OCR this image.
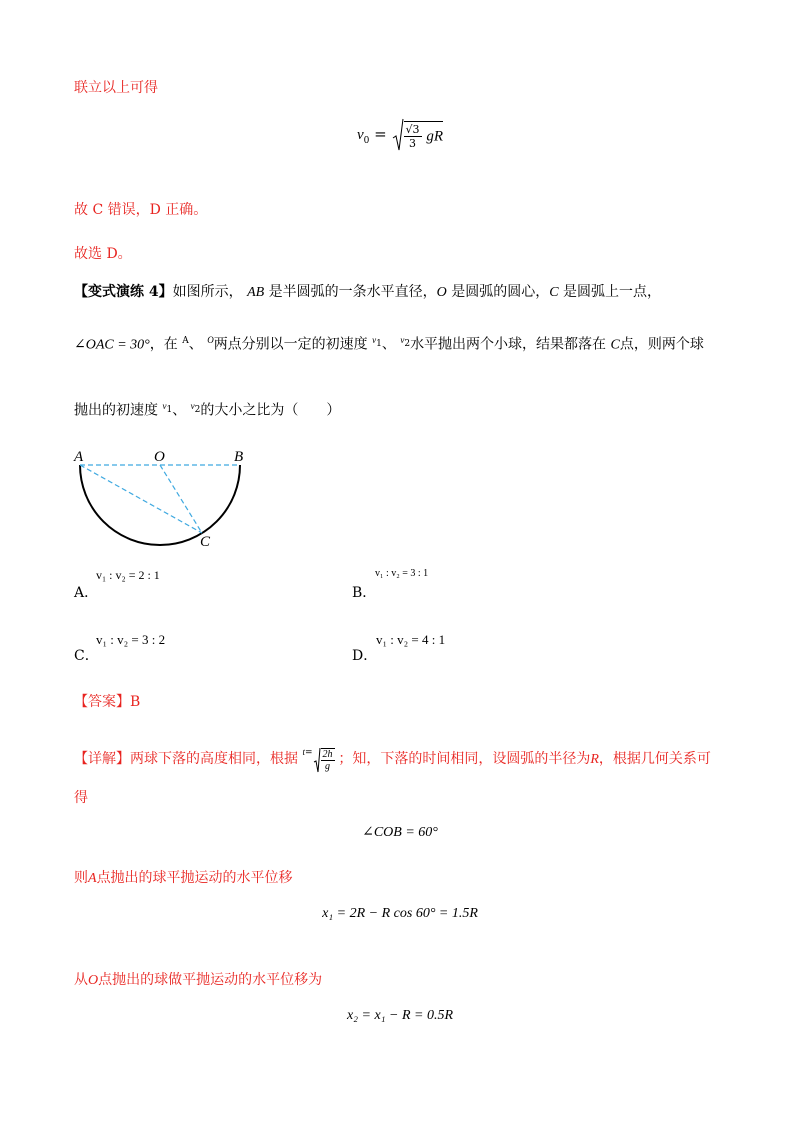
联立以上可得
$v_0 = \frac{√3}{3}$ gR
故 C 错误，D 正确。
故选 D。
【变式演练 4】如图所示， AB 是半圆弧的一条水平直径，O 是圆弧的圆心，C 是圆弧上一点，
∠OAC = 30°，在 $^A$、 $^O$两点分别以一定的初速度 $^{v_1}$、 $^{v_2}$水平抛出两个小球，结果都落在 C点，则两个球
抛出的初速度 $^{v_1}$、 $^{v_2}$的大小之比为（　　）
A	O	B
C
A．
v₁ : v₂ = 2 : 1
B．
v₁ : v₂ = 3 : 1
C．
v₁ : v₂ = 3 : 2
D．
v₁ : v₂ = 4 : 1
【答案】B
【详解】两球下落的高度相同，根据 $^{t=} \frac{2h}{g}$ ；知，下落的时间相同，设圆弧的半径为R，根据几何关系可
得
∠COB = 60°
则A点抛出的球平抛运动的水平位移
x₁ = 2R − R cos 60° = 1.5R
从O点抛出的球做平抛运动的水平位移为
x₂ = x₁ − R = 0.5R
